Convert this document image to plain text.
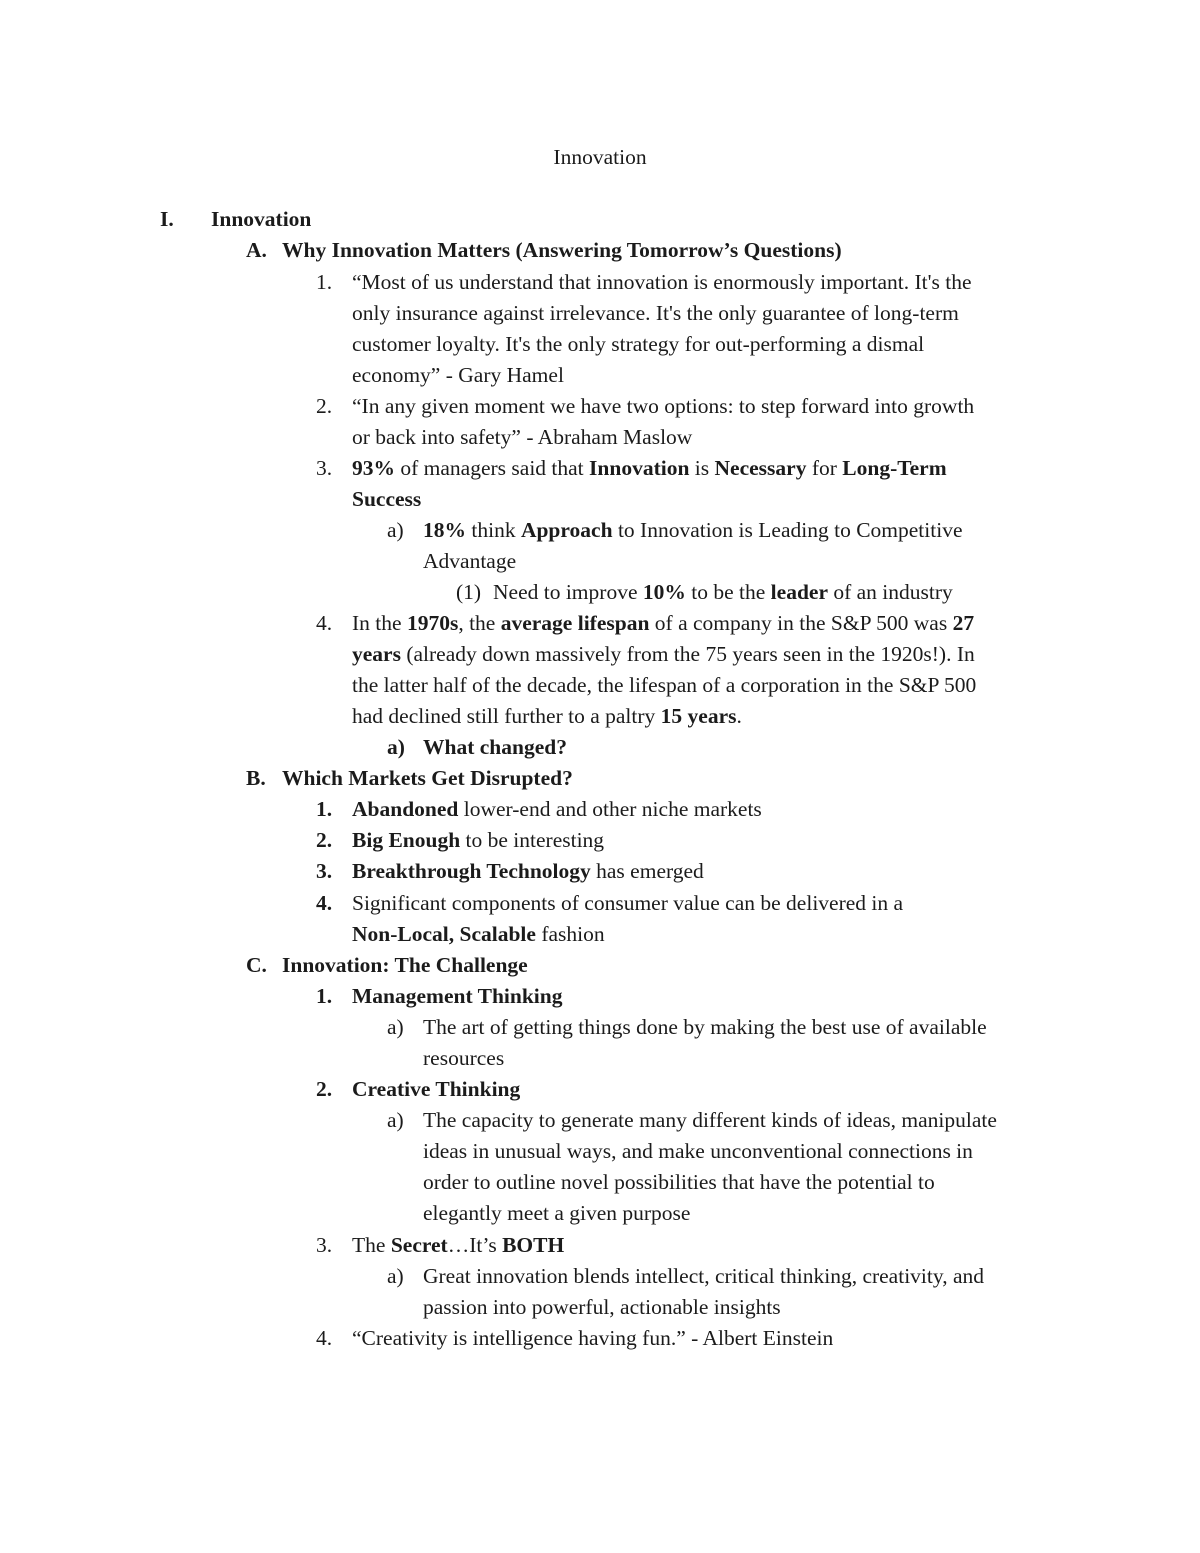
Innovation
I. Innovation
A. Why Innovation Matters (Answering Tomorrow’s Questions)
1. “Most of us understand that innovation is enormously important. It's the
only insurance against irrelevance. It's the only guarantee of long-term
customer loyalty. It's the only strategy for out-performing a dismal
economy” - Gary Hamel
2. “In any given moment we have two options: to step forward into growth
or back into safety” - Abraham Maslow
3. 93% of managers said that Innovation is Necessary for Long-Term
Success
a) 18% think Approach to Innovation is Leading to Competitive
Advantage
(1) Need to improve 10% to be the leader of an industry
4. In the 1970s, the average lifespan of a company in the S&P 500 was 27
years (already down massively from the 75 years seen in the 1920s!). In
the latter half of the decade, the lifespan of a corporation in the S&P 500
had declined still further to a paltry 15 years.
a) What changed?
B. Which Markets Get Disrupted?
1. Abandoned lower-end and other niche markets
2. Big Enough to be interesting
3. Breakthrough Technology has emerged
4. Significant components of consumer value can be delivered in a
Non-Local, Scalable fashion
C. Innovation: The Challenge
1. Management Thinking
a) The art of getting things done by making the best use of available
resources
2. Creative Thinking
a) The capacity to generate many different kinds of ideas, manipulate
ideas in unusual ways, and make unconventional connections in
order to outline novel possibilities that have the potential to
elegantly meet a given purpose
3. The Secret…It’s BOTH
a) Great innovation blends intellect, critical thinking, creativity, and
passion into powerful, actionable insights
4. “Creativity is intelligence having fun.” - Albert Einstein
